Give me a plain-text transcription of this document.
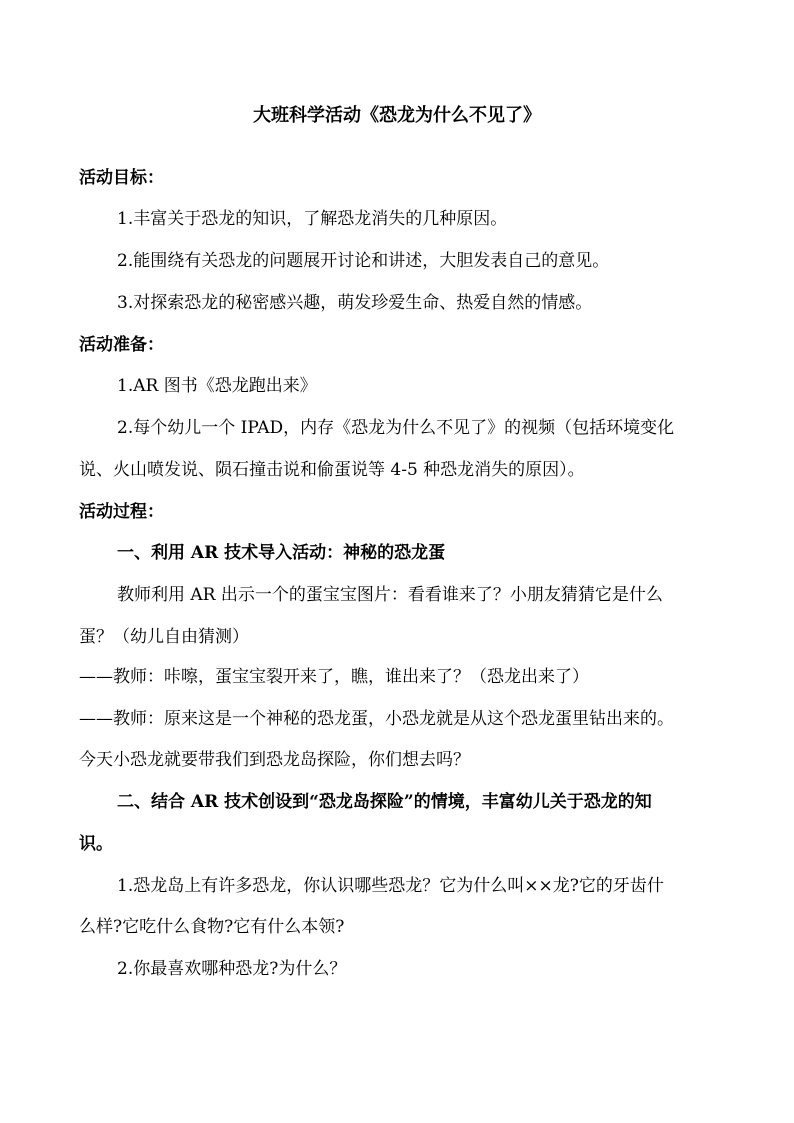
大班科学活动《恐龙为什么不见了》
活动目标：
1.丰富关于恐龙的知识，了解恐龙消失的几种原因。
2.能围绕有关恐龙的问题展开讨论和讲述，大胆发表自己的意见。
3.对探索恐龙的秘密感兴趣，萌发珍爱生命、热爱自然的情感。
活动准备：
1.AR 图书《恐龙跑出来》
2.每个幼儿一个 IPAD，内存《恐龙为什么不见了》的视频（包括环境变化
说、火山喷发说、陨石撞击说和偷蛋说等 4-5 种恐龙消失的原因）。
活动过程：
一、利用 AR 技术导入活动：神秘的恐龙蛋
教师利用 AR 出示一个的蛋宝宝图片：看看谁来了？小朋友猜猜它是什么
蛋？（幼儿自由猜测）
——教师：咔嚓，蛋宝宝裂开来了，瞧，谁出来了？（恐龙出来了）
——教师：原来这是一个神秘的恐龙蛋，小恐龙就是从这个恐龙蛋里钻出来的。
今天小恐龙就要带我们到恐龙岛探险，你们想去吗？
二、结合 AR 技术创设到“恐龙岛探险”的情境，丰富幼儿关于恐龙的知
识。
1.恐龙岛上有许多恐龙，你认识哪些恐龙？它为什么叫××龙?它的牙齿什
么样?它吃什么食物?它有什么本领?
2.你最喜欢哪种恐龙?为什么？
